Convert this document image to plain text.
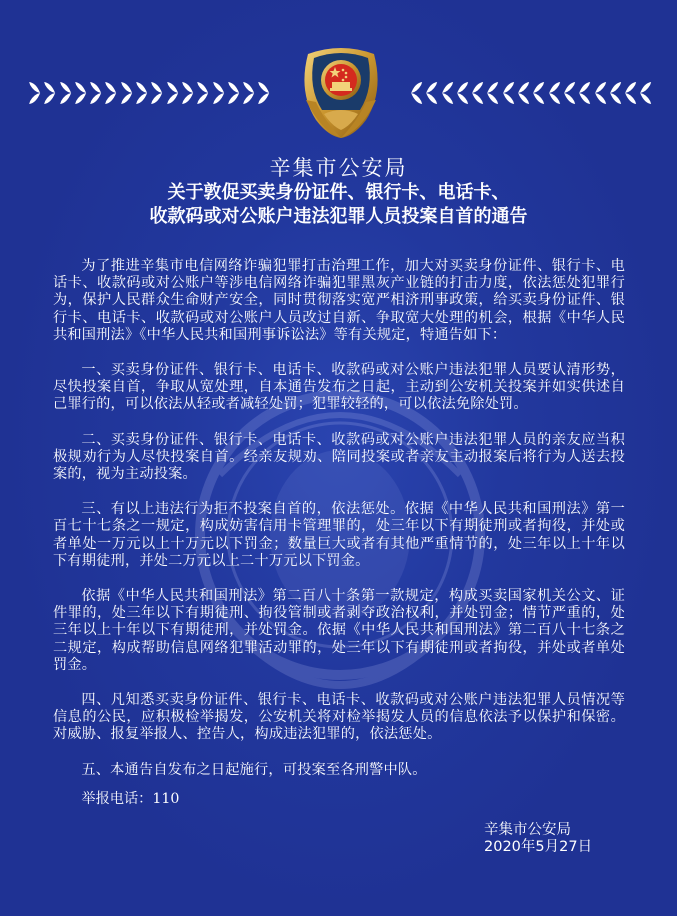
辛集市公安局

关于敦促买卖身份证件、银行卡、电话卡、

收款码或对公账户违法犯罪人员投案自首的通告

为了推进辛集市电信网络诈骗犯罪打击治理工作，加大对买卖身份证件、银行卡、电话卡、收款码或对公账户等涉电信网络诈骗犯罪黑灰产业链的打击力度，依法惩处犯罪行为，保护人民群众生命财产安全，同时贯彻落实宽严相济刑事政策，给买卖身份证件、银行卡、电话卡、收款码或对公账户人员改过自新、争取宽大处理的机会，根据《中华人民共和国刑法》《中华人民共和国刑事诉讼法》等有关规定，特通告如下：

一、买卖身份证件、银行卡、电话卡、收款码或对公账户违法犯罪人员要认清形势，尽快投案自首，争取从宽处理，自本通告发布之日起，主动到公安机关投案并如实供述自己罪行的，可以依法从轻或者减轻处罚；犯罪较轻的，可以依法免除处罚。

二、买卖身份证件、银行卡、电话卡、收款码或对公账户违法犯罪人员的亲友应当积极规劝行为人尽快投案自首。经亲友规劝、陪同投案或者亲友主动报案后将行为人送去投案的，视为主动投案。

三、有以上违法行为拒不投案自首的，依法惩处。依据《中华人民共和国刑法》第一百七十七条之一规定，构成妨害信用卡管理罪的，处三年以下有期徒刑或者拘役，并处或者单处一万元以上十万元以下罚金；数量巨大或者有其他严重情节的，处三年以上十年以下有期徒刑，并处二万元以上二十万元以下罚金。

依据《中华人民共和国刑法》第二百八十条第一款规定，构成买卖国家机关公文、证件罪的，处三年以下有期徒刑、拘役管制或者剥夺政治权利，并处罚金；情节严重的，处三年以上十年以下有期徒刑，并处罚金。依据《中华人民共和国刑法》第二百八十七条之二规定，构成帮助信息网络犯罪活动罪的，处三年以下有期徒刑或者拘役，并处或者单处罚金。

四、凡知悉买卖身份证件、银行卡、电话卡、收款码或对公账户违法犯罪人员情况等信息的公民，应积极检举揭发，公安机关将对检举揭发人员的信息依法予以保护和保密。对威胁、报复举报人、控告人，构成违法犯罪的，依法惩处。

五、本通告自发布之日起施行，可投案至各刑警中队。

举报电话：110

辛集市公安局
2020年5月27日
